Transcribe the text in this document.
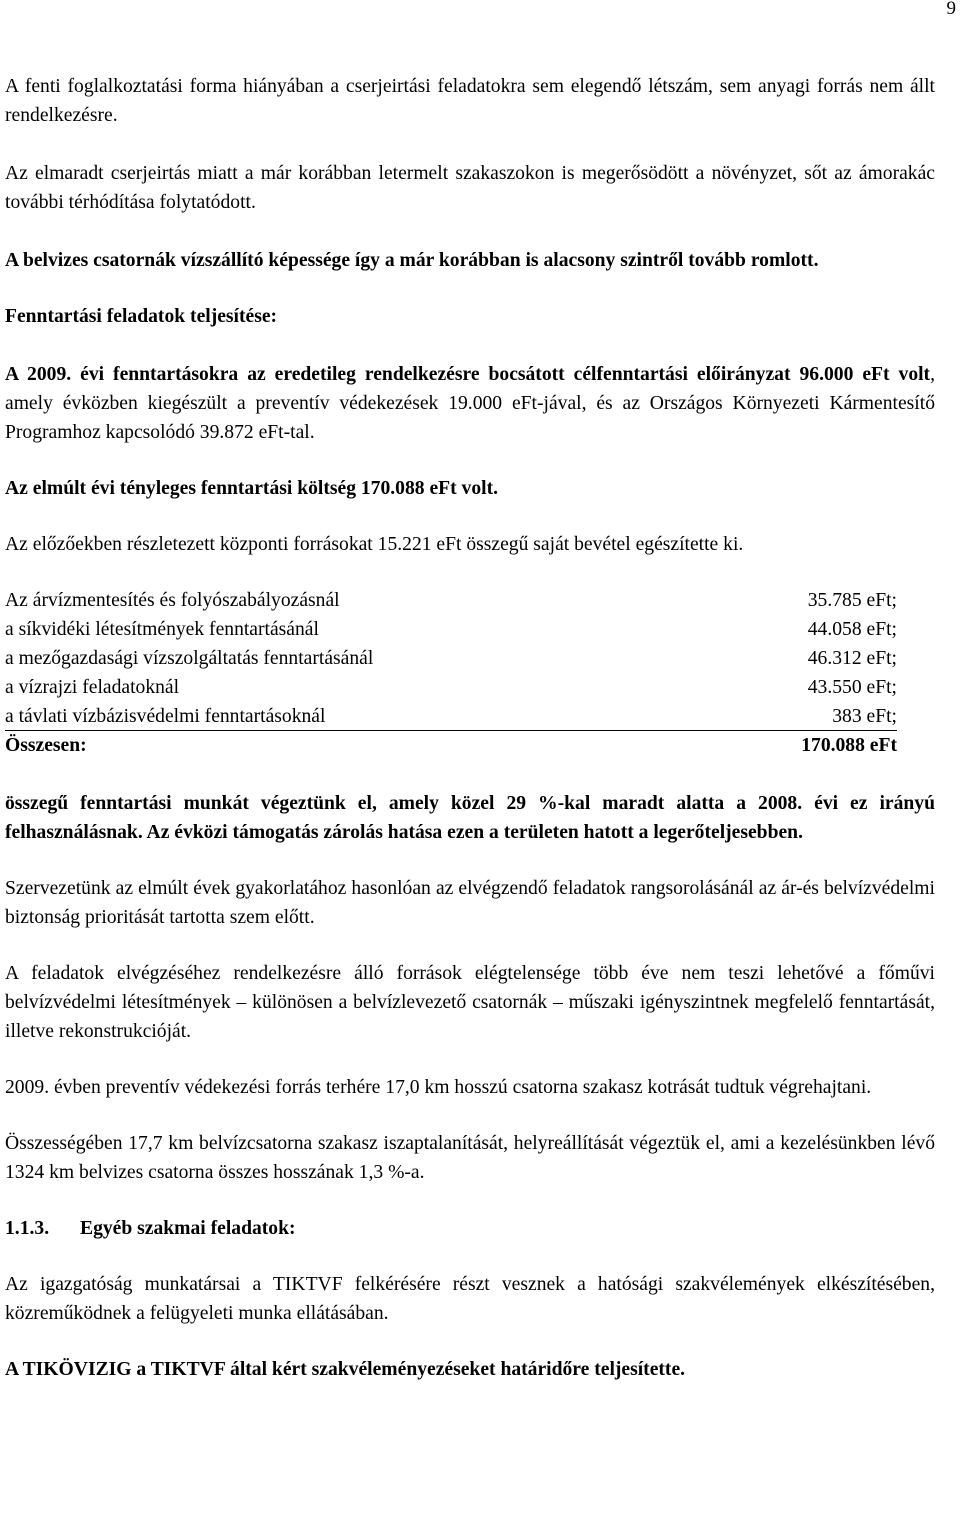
9

A fenti foglalkoztatási forma hiányában a cserjeirtási feladatokra sem elegendő létszám, sem anyagi forrás nem állt rendelkezésre.

Az elmaradt cserjeirtás miatt a már korábban letermelt szakaszokon is megerősödött a növényzet, sőt az ámorakác további térhódítása folytatódott.

A belvizes csatornák vízszállító képessége így a már korábban is alacsony szintről tovább romlott.

Fenntartási feladatok teljesítése:

A 2009. évi fenntartásokra az eredetileg rendelkezésre bocsátott célfenntartási előirányzat 96.000 eFt volt, amely évközben kiegészült a preventív védekezések 19.000 eFt-jával, és az Országos Környezeti Kármentesítő Programhoz kapcsolódó 39.872 eFt-tal.

Az elmúlt évi tényleges fenntartási költség 170.088 eFt volt.

Az előzőekben részletezett központi forrásokat 15.221 eFt összegű saját bevétel egészítette ki.

Az árvízmentesítés és folyószabályozásnál	35.785 eFt;
a síkvidéki létesítmények fenntartásánál	44.058 eFt;
a mezőgazdasági vízszolgáltatás fenntartásánál	46.312 eFt;
a vízrajzi feladatoknál	43.550 eFt;
a távlati vízbázisvédelmi fenntartásoknál	383 eFt;
Összesen:	170.088 eFt

összegű fenntartási munkát végeztünk el, amely közel 29 %-kal maradt alatta a 2008. évi ez irányú felhasználásnak. Az évközi támogatás zárolás hatása ezen a területen hatott a legerőteljesebben.

Szervezetünk az elmúlt évek gyakorlatához hasonlóan az elvégzendő feladatok rangsorolásánál az ár-és belvízvédelmi biztonság prioritását tartotta szem előtt.

A feladatok elvégzéséhez rendelkezésre álló források elégtelensége több éve nem teszi lehetővé a főművi belvízvédelmi létesítmények – különösen a belvízlevezető csatornák – műszaki igényszintnek megfelelő fenntartását, illetve rekonstrukcióját.

2009. évben preventív védekezési forrás terhére 17,0 km hosszú csatorna szakasz kotrását tudtuk végrehajtani.

Összességében 17,7 km belvízcsatorna szakasz iszaptalanítását, helyreállítását végeztük el, ami a kezelésünkben lévő 1324 km belvizes csatorna összes hosszának 1,3 %-a.

1.1.3. Egyéb szakmai feladatok:

Az igazgatóság munkatársai a TIKTVF felkérésére részt vesznek a hatósági szakvélemények elkészítésében, közreműködnek a felügyeleti munka ellátásában.

A TIKÖVIZIG a TIKTVF által kért szakvéleményezéseket határidőre teljesítette.
